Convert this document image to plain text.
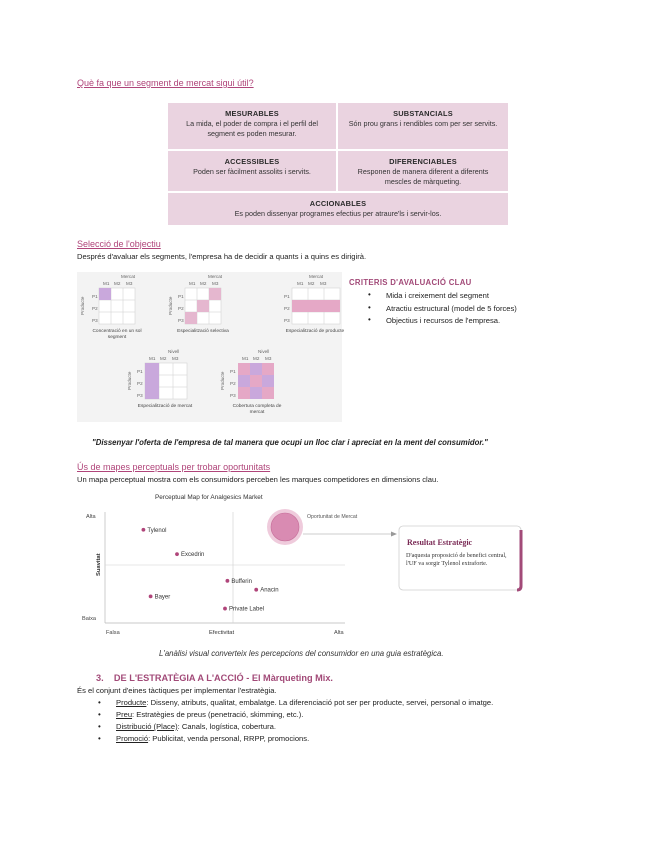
Què fa que un segment de mercat sigui útil?
MESURABLES
La mida, el poder de compra i el perfil del segment es poden mesurar.
SUBSTANCIALS
Són prou grans i rendibles com per ser servits.
ACCESSIBLES
Poden ser fàcilment assolits i servits.
DIFERENCIABLES
Responen de manera diferent a diferents mescles de màrqueting.
ACCIONABLES
Es poden dissenyar programes efectius per atraure'ls i servir-los.
Selecció de l'objectiu
Després d'avaluar els segments, l'empresa ha de decidir a quants i a quins es dirigirà.
Mercat
M1 M2 M3
P1
P2
P3
Producte
Mercat
M1 M2 M3
P1
P2
P3
Producte
Mercat
M1 M2 M3
P1
P2
P3
Nivell
M1 M2 M3
P1
P2
P3
Producte
Nivell
M1 M2 M3
P1
P2
P3
Producte
Concentració en un sol segment
Especialització selectiva	Especialització de producte
Especialització de mercat	Cobertura completa de mercat
CRITERIS D'AVALUACIÓ CLAU
• Mida i creixement del segment
• Atractiu estructural (model de 5 forces)
• Objectius i recursos de l'empresa.
"Dissenyar l'oferta de l'empresa de tal manera que ocupi un lloc clar i apreciat en la ment del consumidor."
Ús de mapes perceptuals per trobar oportunitats
Un mapa perceptual mostra com els consumidors perceben les marques competidores en dimensions clau.
Perceptual Map for Analgesics Market
Alta
Baixa
Suavitat
Falsa	Efectivitat	Alta
Oportunitat de Mercat
Tylenol
Excedrin
Bufferin
Anacin
Bayer
Private Label
Resultat Estratègic
D'aquesta proposició de benefici central, l'UF va sorgir Tylenol extraforte.
L'anàlisi visual converteix les percepcions del consumidor en una guia estratègica.
3. DE L'ESTRATÈGIA A L'ACCIÓ - El Màrqueting Mix.
És el conjunt d'eines tàctiques per implementar l'estratègia.
• Producte: Disseny, atributs, qualitat, embalatge. La diferenciació pot ser per producte, servei, personal o imatge.
• Preu: Estratègies de preus (penetració, skimming, etc.).
• Distribució (Place): Canals, logística, cobertura.
• Promoció: Publicitat, venda personal, RRPP, promocions.
